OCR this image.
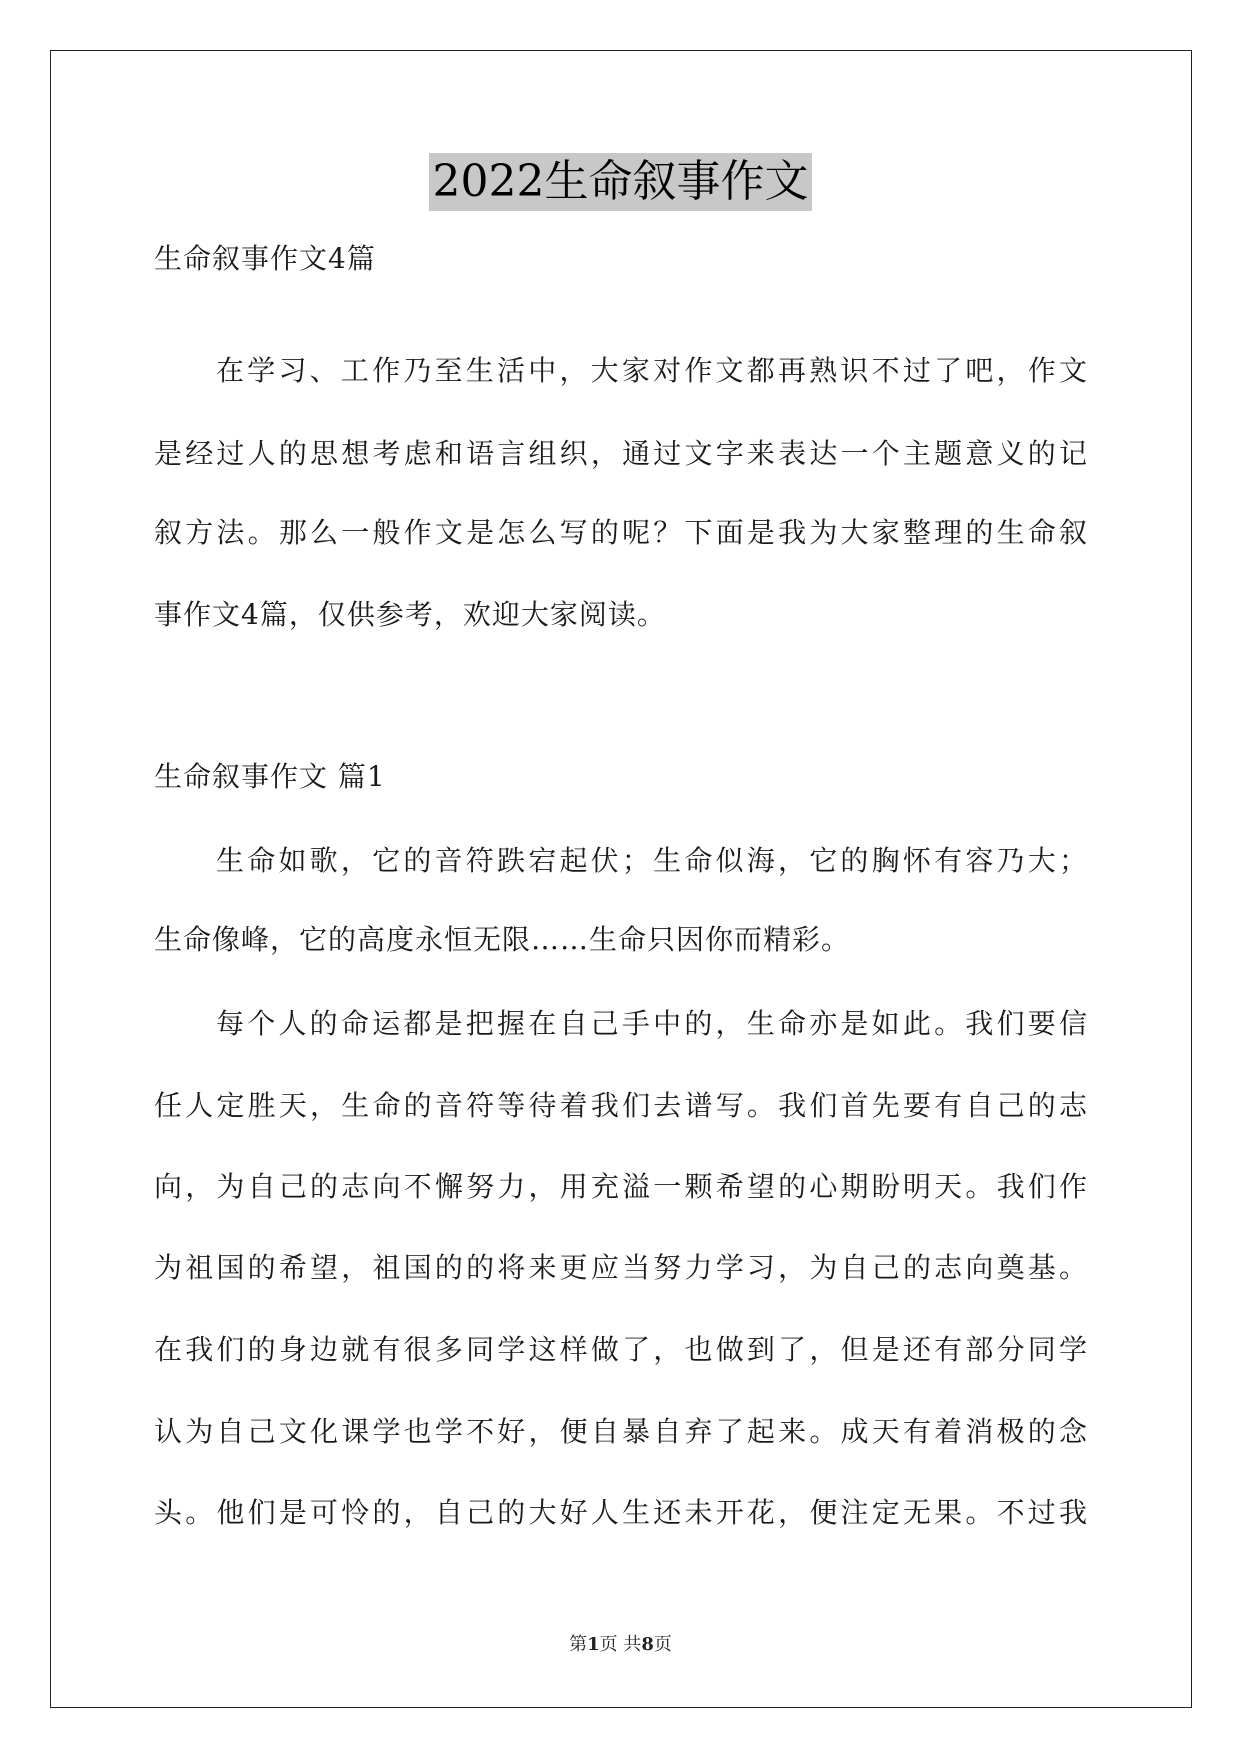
2022生命叙事作文
生命叙事作文4篇
在学习、工作乃至生活中，大家对作文都再熟识不过了吧，作文
是经过人的思想考虑和语言组织，通过文字来表达一个主题意义的记
叙方法。那么一般作文是怎么写的呢？下面是我为大家整理的生命叙
事作文4篇，仅供参考，欢迎大家阅读。
生命叙事作文 篇1
生命如歌，它的音符跌宕起伏；生命似海，它的胸怀有容乃大；
生命像峰，它的高度永恒无限……生命只因你而精彩。
每个人的命运都是把握在自己手中的，生命亦是如此。我们要信
任人定胜天，生命的音符等待着我们去谱写。我们首先要有自己的志
向，为自己的志向不懈努力，用充溢一颗希望的心期盼明天。我们作
为祖国的希望，祖国的的将来更应当努力学习，为自己的志向奠基。
在我们的身边就有很多同学这样做了，也做到了，但是还有部分同学
认为自己文化课学也学不好，便自暴自弃了起来。成天有着消极的念
头。他们是可怜的，自己的大好人生还未开花，便注定无果。不过我
第1页 共8页
